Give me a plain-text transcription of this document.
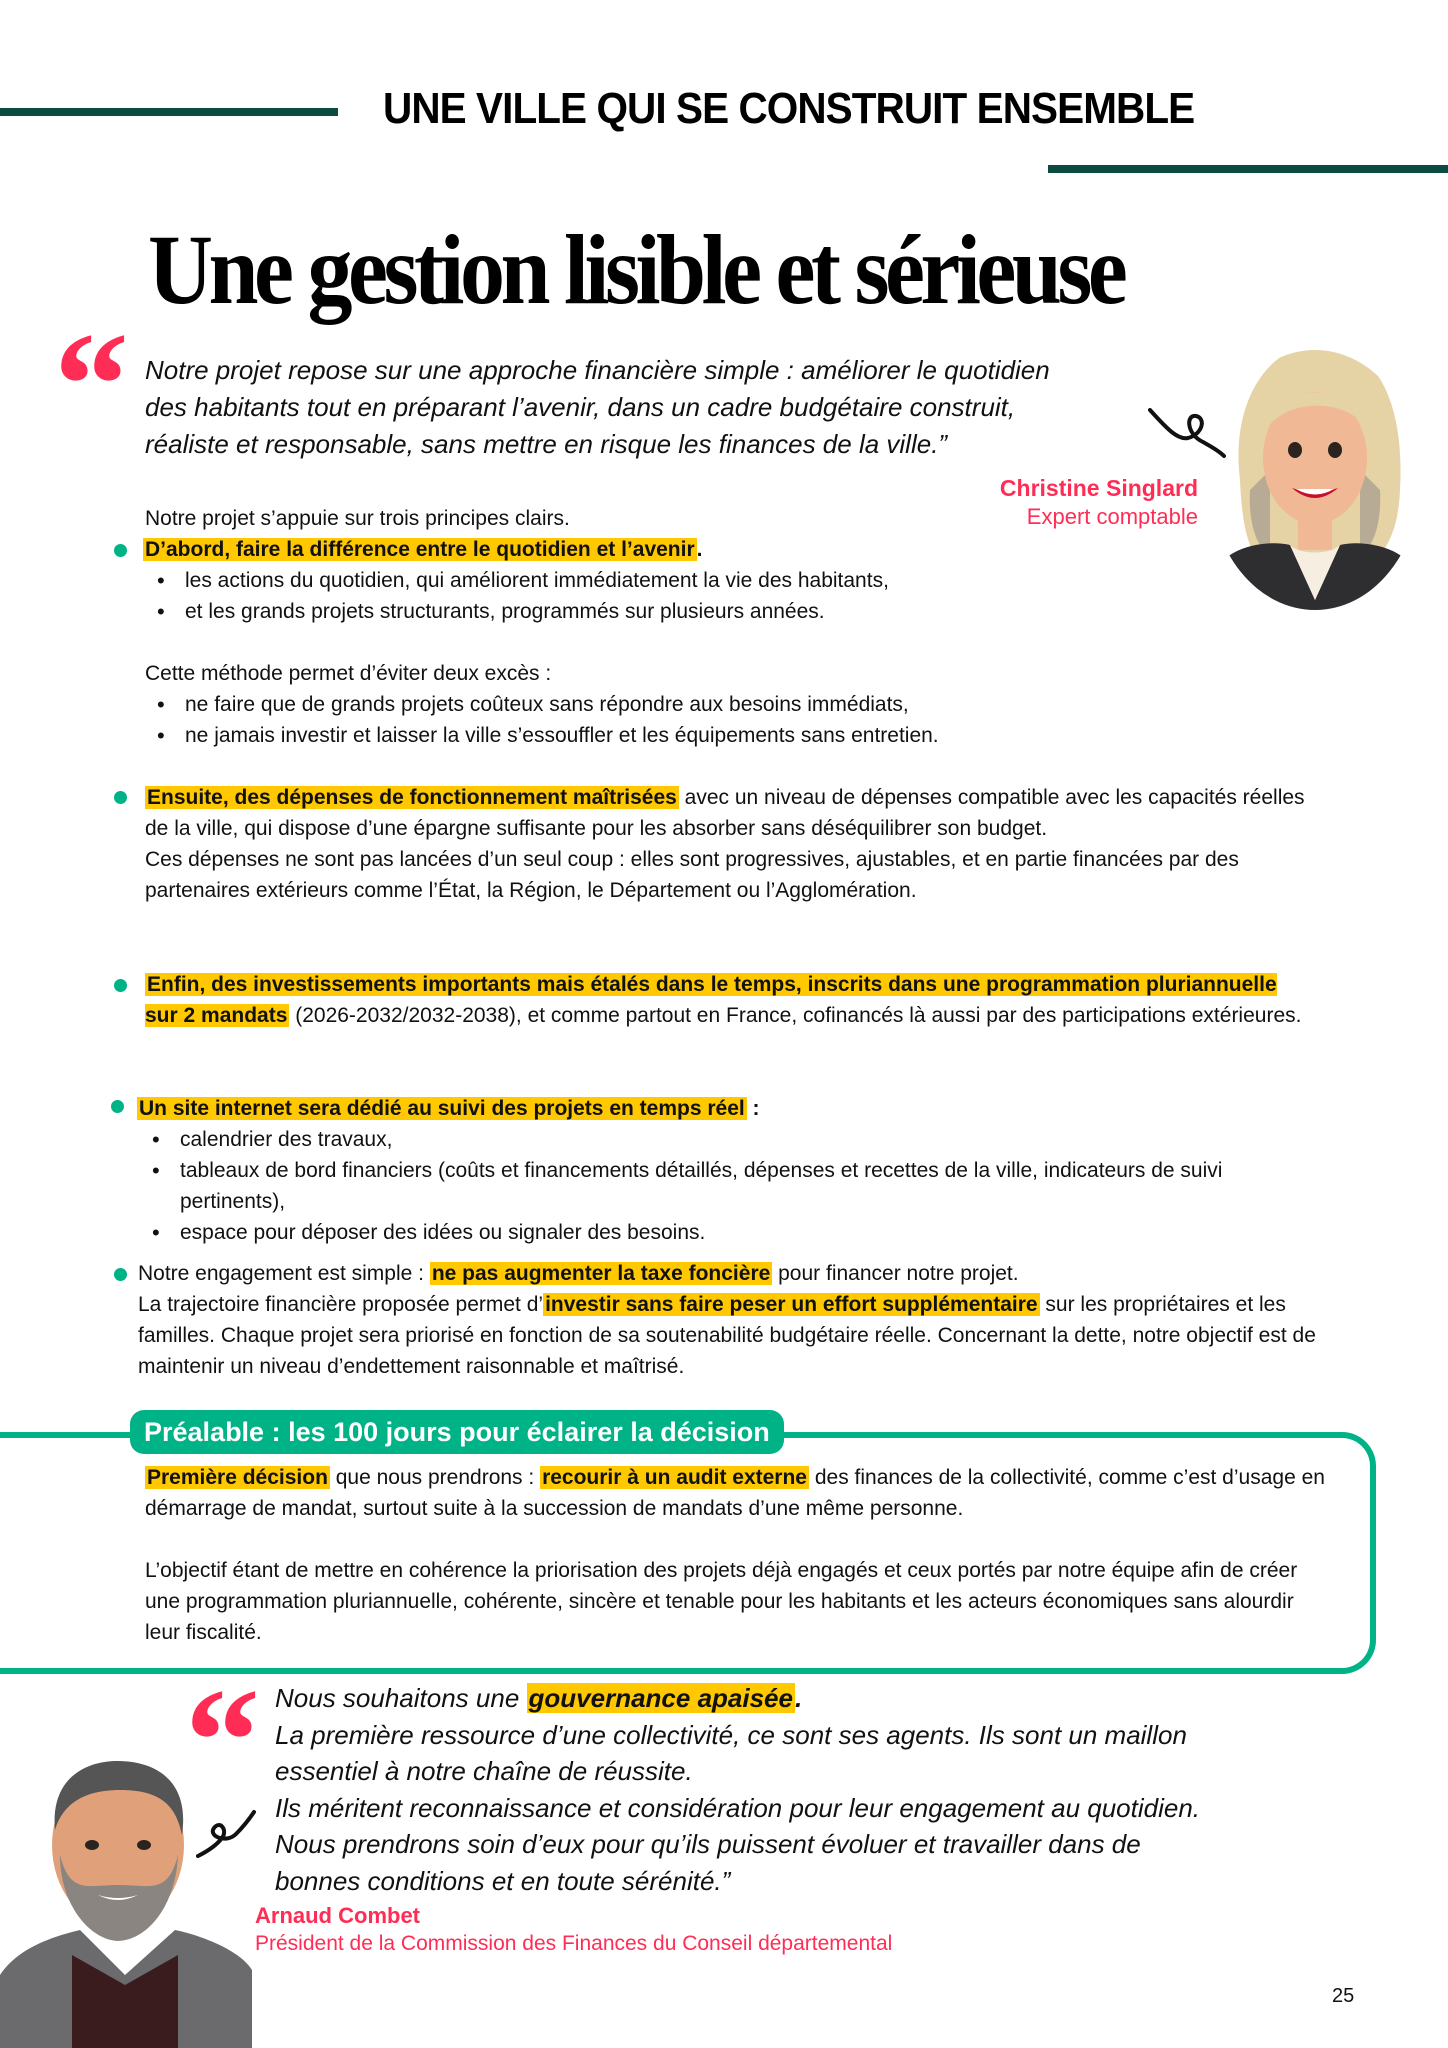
UNE VILLE QUI SE CONSTRUIT ENSEMBLE
Une gestion lisible et sérieuse
“ Notre projet repose sur une approche financière simple : améliorer le quotidien
des habitants tout en préparant l’avenir, dans un cadre budgétaire construit,
réaliste et responsable, sans mettre en risque les finances de la ville.”
Christine Singlard
Expert comptable
Notre projet s’appuie sur trois principes clairs.
D’abord, faire la différence entre le quotidien et l’avenir.
• les actions du quotidien, qui améliorent immédiatement la vie des habitants,
• et les grands projets structurants, programmés sur plusieurs années.
Cette méthode permet d’éviter deux excès :
• ne faire que de grands projets coûteux sans répondre aux besoins immédiats,
• ne jamais investir et laisser la ville s’essouffler et les équipements sans entretien.
Ensuite, des dépenses de fonctionnement maîtrisées avec un niveau de dépenses compatible avec les capacités réelles de la ville, qui dispose d’une épargne suffisante pour les absorber sans déséquilibrer son budget.
Ces dépenses ne sont pas lancées d’un seul coup : elles sont progressives, ajustables, et en partie financées par des partenaires extérieurs comme l’État, la Région, le Département ou l’Agglomération.
Enfin, des investissements importants mais étalés dans le temps, inscrits dans une programmation pluriannuelle sur 2 mandats (2026-2032/2032-2038), et comme partout en France, cofinancés là aussi par des participations extérieures.
Un site internet sera dédié au suivi des projets en temps réel :
• calendrier des travaux,
• tableaux de bord financiers (coûts et financements détaillés, dépenses et recettes de la ville, indicateurs de suivi pertinents),
• espace pour déposer des idées ou signaler des besoins.
Notre engagement est simple : ne pas augmenter la taxe foncière pour financer notre projet.
La trajectoire financière proposée permet d’investir sans faire peser un effort supplémentaire sur les propriétaires et les familles. Chaque projet sera priorisé en fonction de sa soutenabilité budgétaire réelle. Concernant la dette, notre objectif est de maintenir un niveau d’endettement raisonnable et maîtrisé.
Préalable : les 100 jours pour éclairer la décision
Première décision que nous prendrons : recourir à un audit externe des finances de la collectivité, comme c’est d’usage en démarrage de mandat, surtout suite à la succession de mandats d’une même personne.
L’objectif étant de mettre en cohérence la priorisation des projets déjà engagés et ceux portés par notre équipe afin de créer une programmation pluriannuelle, cohérente, sincère et tenable pour les habitants et les acteurs économiques sans alourdir leur fiscalité.
“ Nous souhaitons une gouvernance apaisée.
La première ressource d’une collectivité, ce sont ses agents. Ils sont un maillon
essentiel à notre chaîne de réussite.
Ils méritent reconnaissance et considération pour leur engagement au quotidien.
Nous prendrons soin d’eux pour qu’ils puissent évoluer et travailler dans de
bonnes conditions et en toute sérénité.”
Arnaud Combet
Président de la Commission des Finances du Conseil départemental
25
